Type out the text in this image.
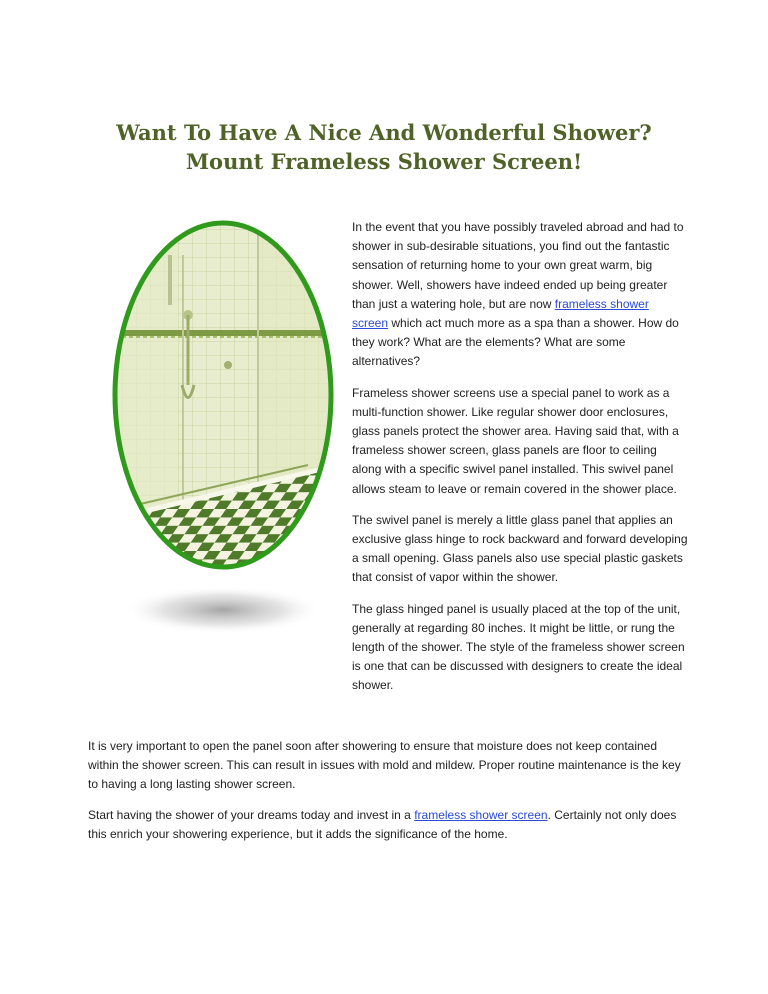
Want To Have A Nice And Wonderful Shower?
Mount Frameless Shower Screen!

In the event that you have possibly traveled abroad and had to shower in sub-desirable situations, you find out the fantastic sensation of returning home to your own great warm, big shower. Well, showers have indeed ended up being greater than just a watering hole, but are now frameless shower screen which act much more as a spa than a shower. How do they work? What are the elements? What are some alternatives?

Frameless shower screens use a special panel to work as a multi-function shower. Like regular shower door enclosures, glass panels protect the shower area. Having said that, with a frameless shower screen, glass panels are floor to ceiling along with a specific swivel panel installed. This swivel panel allows steam to leave or remain covered in the shower place.

The swivel panel is merely a little glass panel that applies an exclusive glass hinge to rock backward and forward developing a small opening. Glass panels also use special plastic gaskets that consist of vapor within the shower.

The glass hinged panel is usually placed at the top of the unit, generally at regarding 80 inches. It might be little, or rung the length of the shower. The style of the frameless shower screen is one that can be discussed with designers to create the ideal shower.

It is very important to open the panel soon after showering to ensure that moisture does not keep contained within the shower screen. This can result in issues with mold and mildew. Proper routine maintenance is the key to having a long lasting shower screen.

Start having the shower of your dreams today and invest in a frameless shower screen. Certainly not only does this enrich your showering experience, but it adds the significance of the home.
